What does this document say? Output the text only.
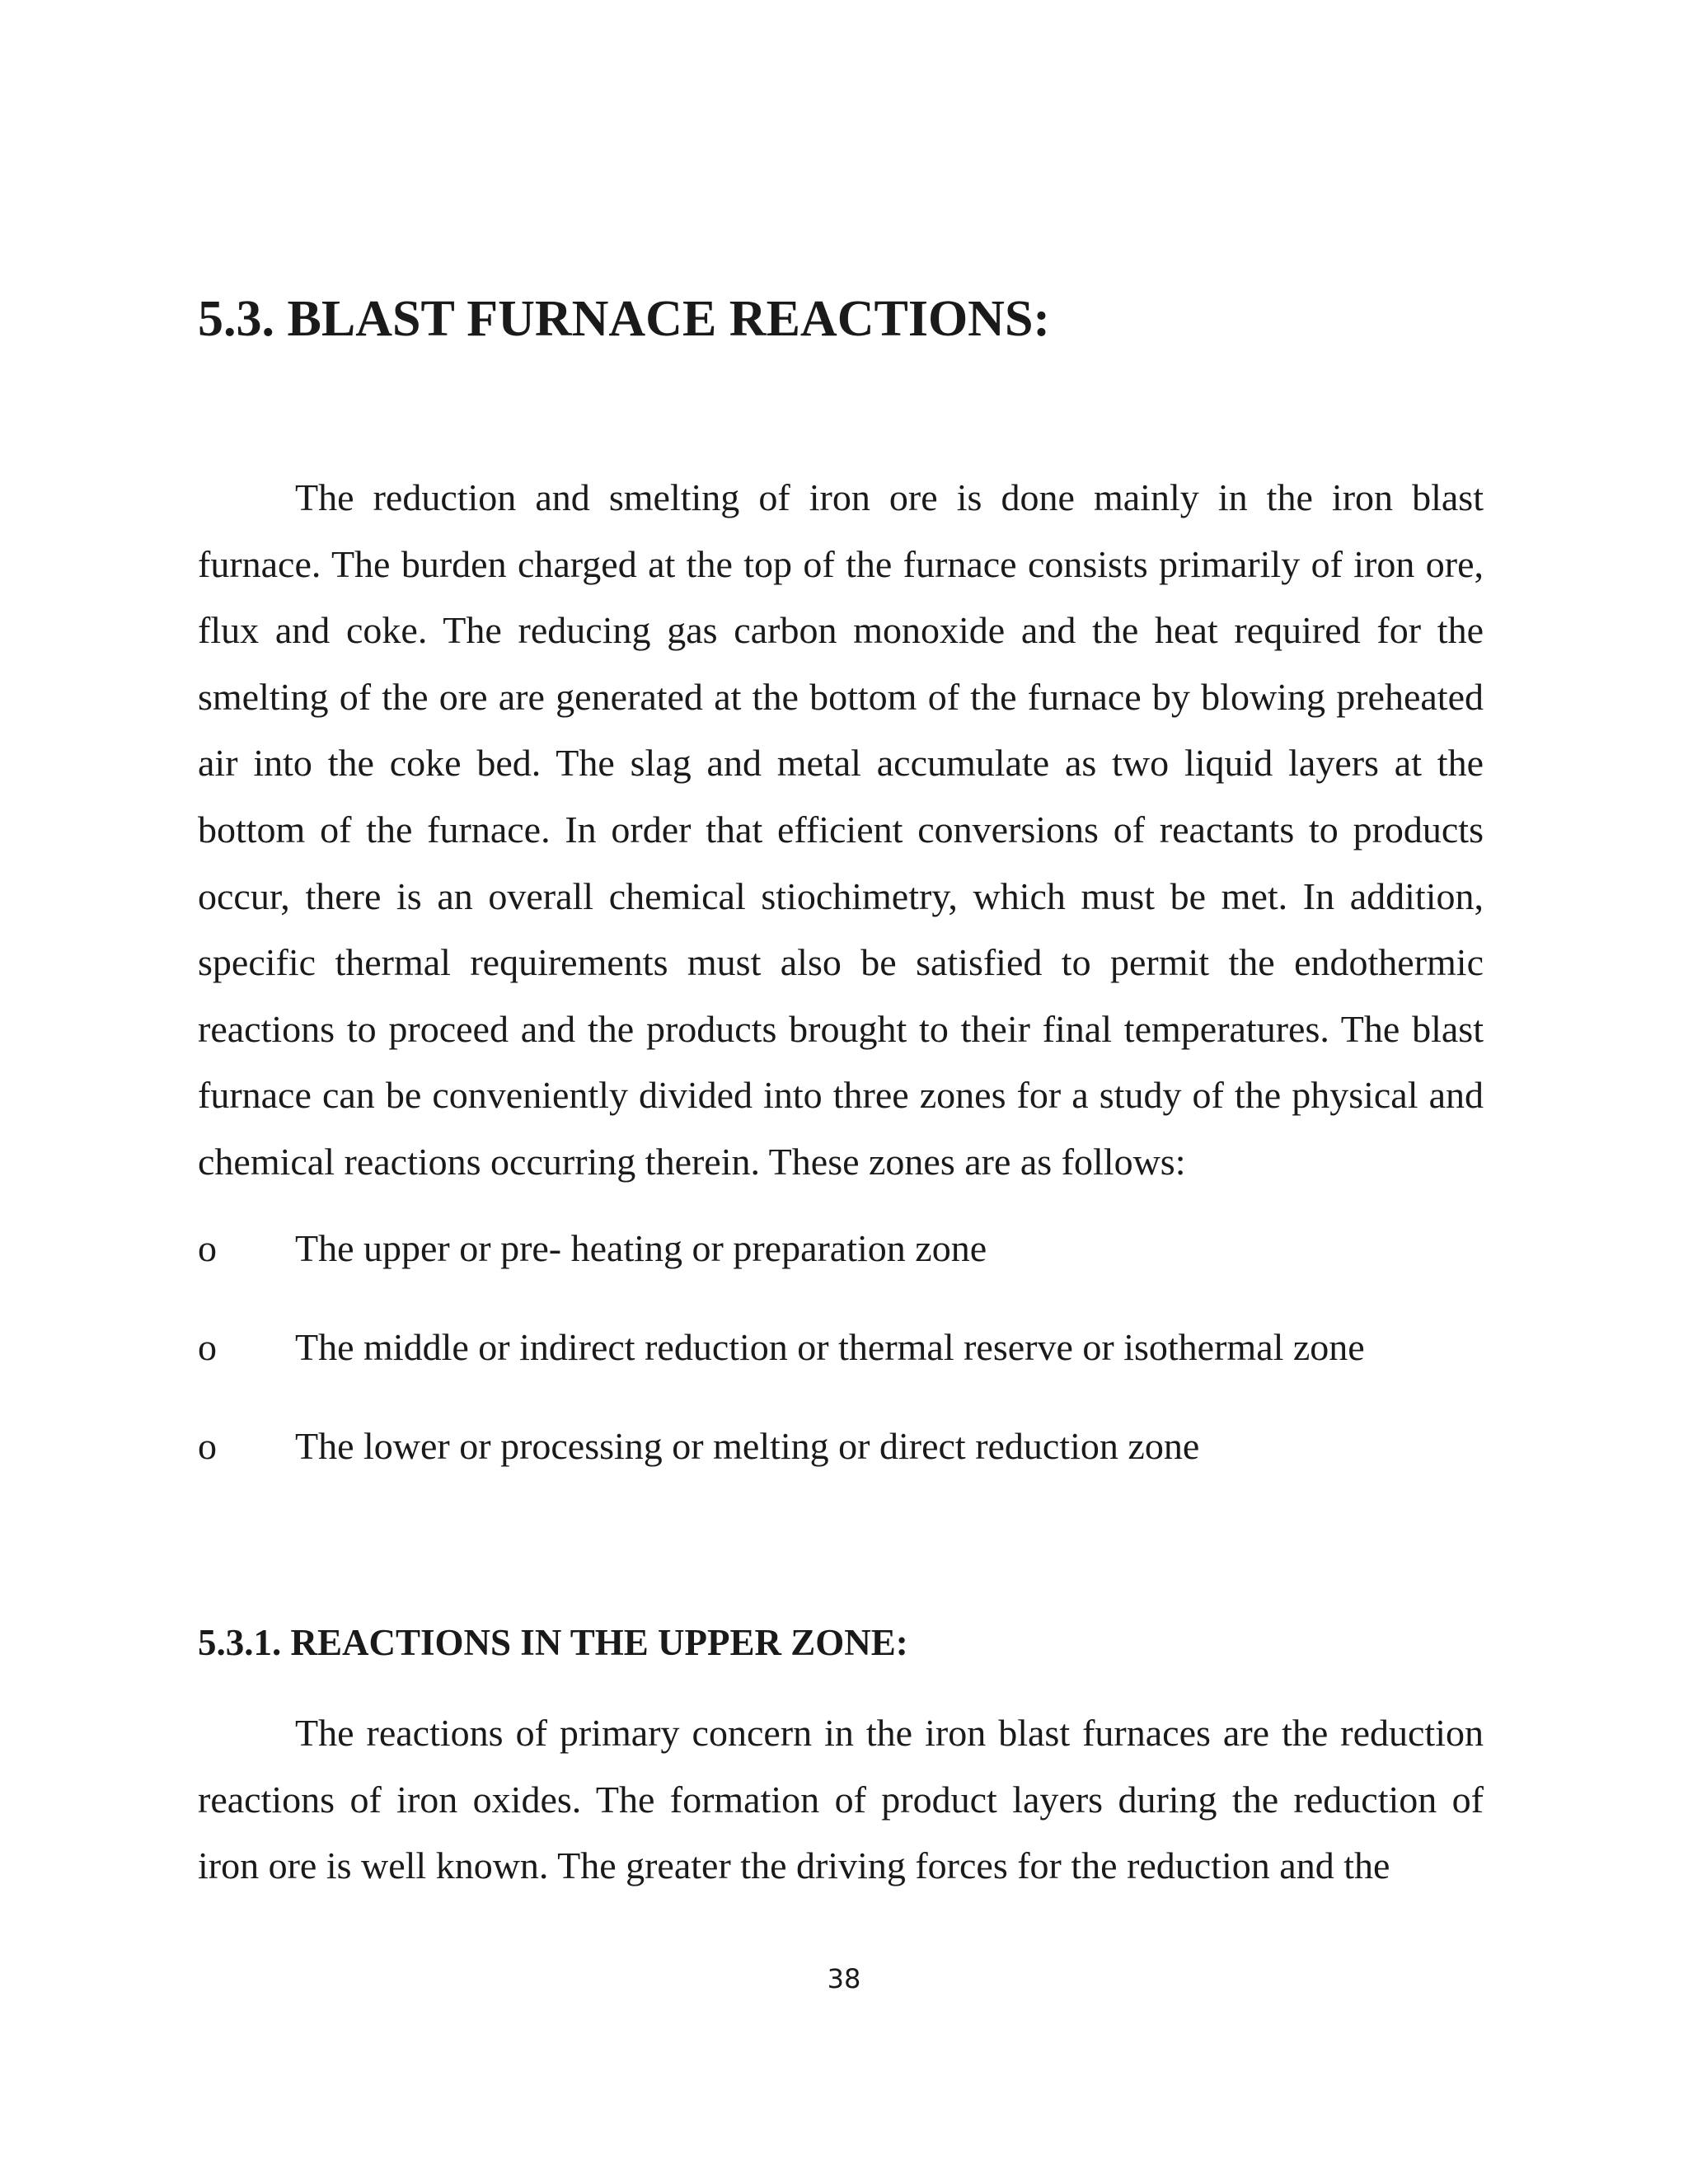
5.3. BLAST FURNACE REACTIONS:

The reduction and smelting of iron ore is done mainly in the iron blast furnace. The burden charged at the top of the furnace consists primarily of iron ore, flux and coke. The reducing gas carbon monoxide and the heat required for the smelting of the ore are generated at the bottom of the furnace by blowing preheated air into the coke bed. The slag and metal accumulate as two liquid layers at the bottom of the furnace. In order that efficient conversions of reactants to products occur, there is an overall chemical stiochimetry, which must be met. In addition, specific thermal requirements must also be satisfied to permit the endothermic reactions to proceed and the products brought to their final temperatures. The blast furnace can be conveniently divided into three zones for a study of the physical and chemical reactions occurring therein. These zones are as follows:

o The upper or pre- heating or preparation zone
o The middle or indirect reduction or thermal reserve or isothermal zone
o The lower or processing or melting or direct reduction zone
5.3.1. REACTIONS IN THE UPPER ZONE:

The reactions of primary concern in the iron blast furnaces are the reduction reactions of iron oxides. The formation of product layers during the reduction of iron ore is well known. The greater the driving forces for the reduction and the

38
